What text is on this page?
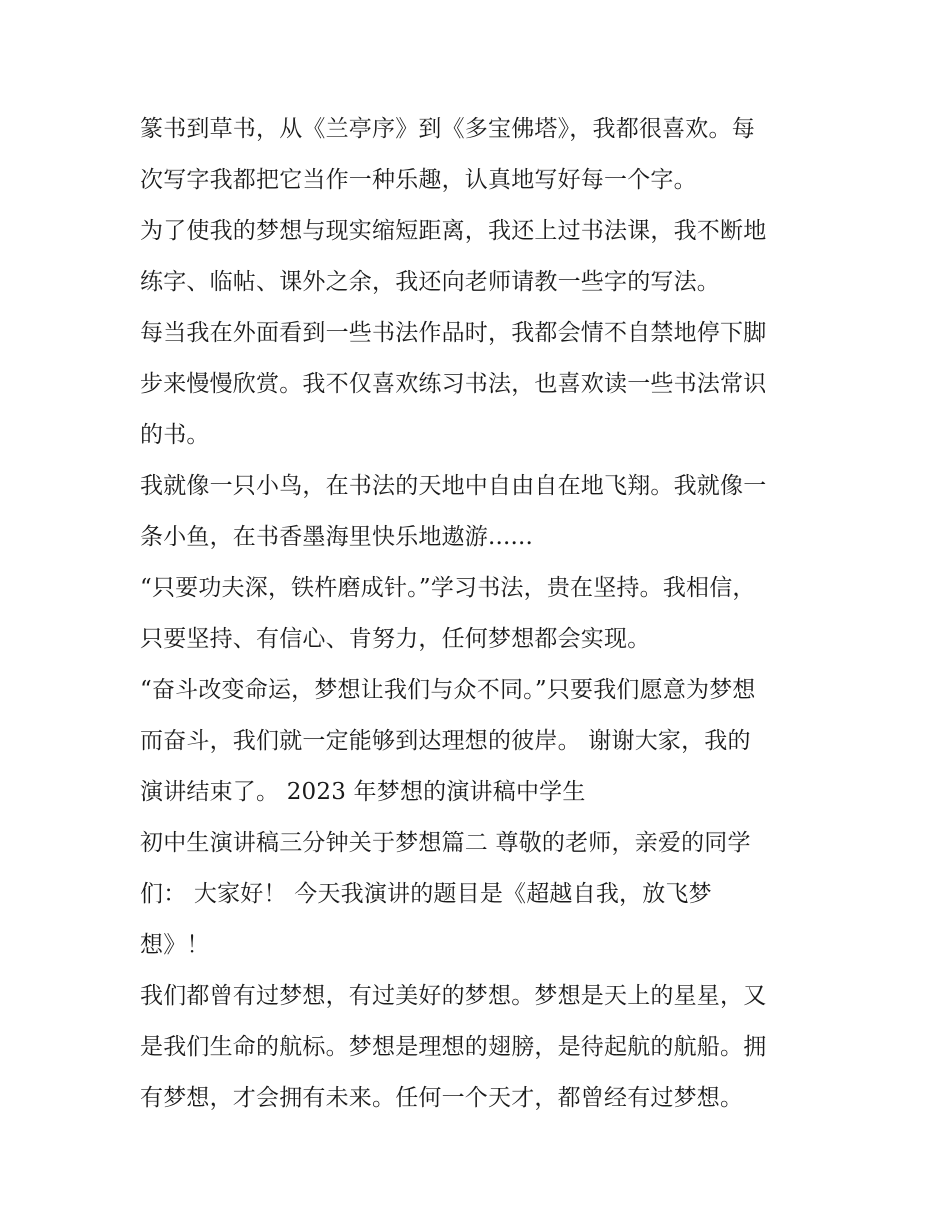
篆书到草书，从《兰亭序》到《多宝佛塔》，我都很喜欢。每
次写字我都把它当作一种乐趣，认真地写好每一个字。
为了使我的梦想与现实缩短距离，我还上过书法课，我不断地
练字、临帖、课外之余，我还向老师请教一些字的写法。
每当我在外面看到一些书法作品时，我都会情不自禁地停下脚
步来慢慢欣赏。我不仅喜欢练习书法，也喜欢读一些书法常识
的书。
我就像一只小鸟，在书法的天地中自由自在地飞翔。我就像一
条小鱼，在书香墨海里快乐地遨游......
“只要功夫深，铁杵磨成针。”学习书法，贵在坚持。我相信，
只要坚持、有信心、肯努力，任何梦想都会实现。
“奋斗改变命运，梦想让我们与众不同。”只要我们愿意为梦想
而奋斗，我们就一定能够到达理想的彼岸。 谢谢大家，我的
演讲结束了。 2023 年梦想的演讲稿中学生
初中生演讲稿三分钟关于梦想篇二 尊敬的老师，亲爱的同学
们： 大家好！ 今天我演讲的题目是《超越自我，放飞梦
想》！
我们都曾有过梦想，有过美好的梦想。梦想是天上的星星，又
是我们生命的航标。梦想是理想的翅膀，是待起航的航船。拥
有梦想，才会拥有未来。任何一个天才，都曾经有过梦想。
